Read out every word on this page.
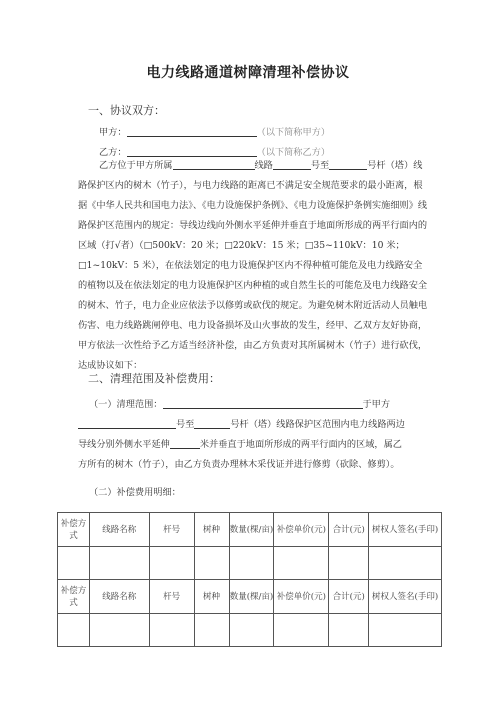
电力线路通道树障清理补偿协议
一、协议双方：
甲方：	（以下简称甲方）
乙方：	（以下简称乙方）
乙方位于甲方所属	线路	号至	号杆（塔）线路保护区内的树木（竹子），与电力线路的距离已不满足安全规范要求的最小距离，根据《中华人民共和国电力法》、《电力设施保护条例》、《电力设施保护条例实施细则》线路保护区范围内的规定：导线边线向外侧水平延伸并垂直于地面所形成的两平行面内的区域（打√者）（□500kV：20 米；□220kV：15 米；□35~110kV：10 米；□1~10kV：5 米），在依法划定的电力设施保护区内不得种植可能危及电力线路安全的植物以及在依法划定的电力设施保护区内种植的或自然生长的可能危及电力线路安全的树木、竹子，电力企业应依法予以修剪或砍伐的规定。为避免树木附近活动人员触电伤害、电力线路跳闸停电、电力设备损坏及山火事故的发生，经甲、乙双方友好协商，甲方依法一次性给予乙方适当经济补偿，由乙方负责对其所属树木（竹子）进行砍伐，达成协议如下：
二、清理范围及补偿费用：
（一）清理范围：	于甲方
号至	号杆（塔）线路保护区范围内电力线路两边
导线分别外侧水平延伸	米并垂直于地面所形成的两平行面内的区域，属乙
方所有的树木（竹子），由乙方负责办理林木采伐证并进行修剪（砍除、修剪）。
（二）补偿费用明细：
补偿方式	线路名称	杆号	树种	数量(棵/亩)	补偿单价(元)	合计(元)	树权人签名(手印)

补偿方式	线路名称	杆号	树种	数量(棵/亩)	补偿单价(元)	合计(元)	树权人签名(手印)
